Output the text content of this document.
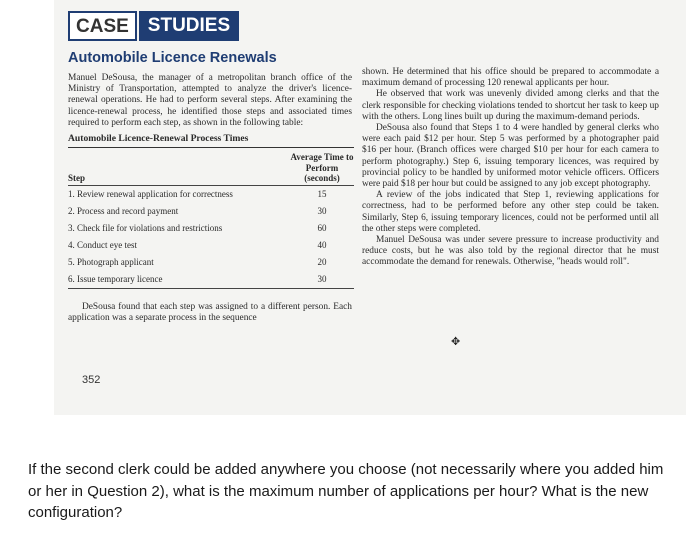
CASE	STUDIES
Automobile Licence Renewals

Manuel DeSousa, the manager of a metropolitan branch office of the Ministry of Transportation, attempted to analyze the driver's licence-renewal operations. He had to perform several steps. After examining the licence-renewal process, he identified those steps and associated times required to perform each step, as shown in the following table:

Automobile Licence-Renewal Process Times
Step
Average Time to Perform (seconds)
1. Review renewal application for correctness	15
2. Process and record payment	30
3. Check file for violations and restrictions	60
4. Conduct eye test	40
5. Photograph applicant	20
6. Issue temporary licence	30

DeSousa found that each step was assigned to a different person. Each application was a separate process in the sequence

shown. He determined that his office should be prepared to accommodate a maximum demand of processing 120 renewal applicants per hour.

He observed that work was unevenly divided among clerks and that the clerk responsible for checking violations tended to shortcut her task to keep up with the others. Long lines built up during the maximum-demand periods.

DeSousa also found that Steps 1 to 4 were handled by general clerks who were each paid $12 per hour. Step 5 was performed by a photographer paid $16 per hour. (Branch offices were charged $10 per hour for each camera to perform photography.) Step 6, issuing temporary licences, was required by provincial policy to be handled by uniformed motor vehicle officers. Officers were paid $18 per hour but could be assigned to any job except photography.

A review of the jobs indicated that Step 1, reviewing applications for correctness, had to be performed before any other step could be taken. Similarly, Step 6, issuing temporary licences, could not be performed until all the other steps were completed.

Manuel DeSousa was under severe pressure to increase productivity and reduce costs, but he was also told by the regional director that he must accommodate the demand for renewals. Otherwise, "heads would roll".

✥
352
If the second clerk could be added anywhere you choose (not necessarily where you added him or her in Question 2), what is the maximum number of applications per hour? What is the new configuration?
